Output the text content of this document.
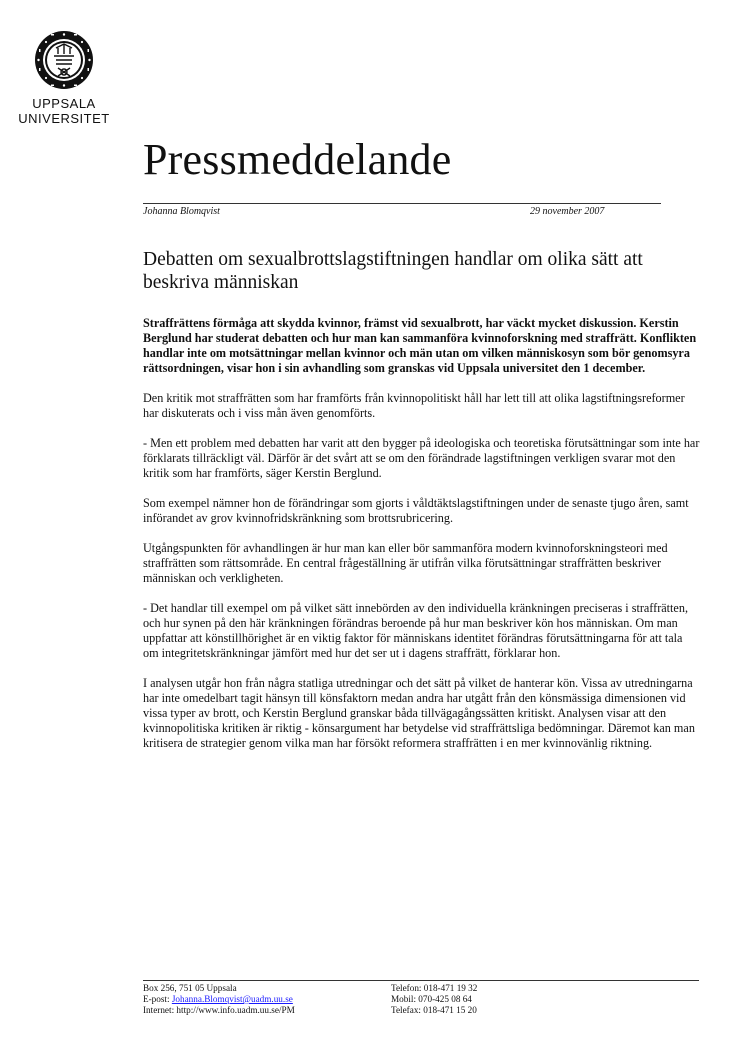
UPPSALA
UNIVERSITET
Pressmeddelande
Johanna Blomqvist	29 november 2007
Debatten om sexualbrottslagstiftningen handlar om olika sätt att beskriva människan

Straffrättens förmåga att skydda kvinnor, främst vid sexualbrott, har väckt mycket diskussion. Kerstin Berglund har studerat debatten och hur man kan sammanföra kvinnoforskning med straffrätt. Konflikten handlar inte om motsättningar mellan kvinnor och män utan om vilken människosyn som bör genomsyra rättsordningen, visar hon i sin avhandling som granskas vid Uppsala universitet den 1 december.

Den kritik mot straffrätten som har framförts från kvinnopolitiskt håll har lett till att olika lagstiftningsreformer har diskuterats och i viss mån även genomförts.

- Men ett problem med debatten har varit att den bygger på ideologiska och teoretiska förutsättningar som inte har förklarats tillräckligt väl. Därför är det svårt att se om den förändrade lagstiftningen verkligen svarar mot den kritik som har framförts, säger Kerstin Berglund.

Som exempel nämner hon de förändringar som gjorts i våldtäktslagstiftningen under de senaste tjugo åren, samt införandet av grov kvinnofridskränkning som brottsrubricering.

Utgångspunkten för avhandlingen är hur man kan eller bör sammanföra modern kvinnoforskningsteori med straffrätten som rättsområde. En central frågeställning är utifrån vilka förutsättningar straffrätten beskriver människan och verkligheten.

- Det handlar till exempel om på vilket sätt innebörden av den individuella kränkningen preciseras i straffrätten, och hur synen på den här kränkningen förändras beroende på hur man beskriver kön hos människan. Om man uppfattar att könstillhörighet är en viktig faktor för människans identitet förändras förutsättningarna för att tala om integritetskränkningar jämfört med hur det ser ut i dagens straffrätt, förklarar hon.

I analysen utgår hon från några statliga utredningar och det sätt på vilket de hanterar kön. Vissa av utredningarna har inte omedelbart tagit hänsyn till könsfaktorn medan andra har utgått från den könsmässiga dimensionen vid vissa typer av brott, och Kerstin Berglund granskar båda tillvägagångssätten kritiskt. Analysen visar att den kvinnopolitiska kritiken är riktig - könsargument har betydelse vid straffrättsliga bedömningar. Däremot kan man kritisera de strategier genom vilka man har försökt reformera straffrätten i en mer kvinnovänlig riktning.

Box 256, 751 05 Uppsala
E-post: Johanna.Blomqvist@uadm.uu.se
Internet: http://www.info.uadm.uu.se/PM
Telefon: 018-471 19 32
Mobil: 070-425 08 64
Telefax: 018-471 15 20
